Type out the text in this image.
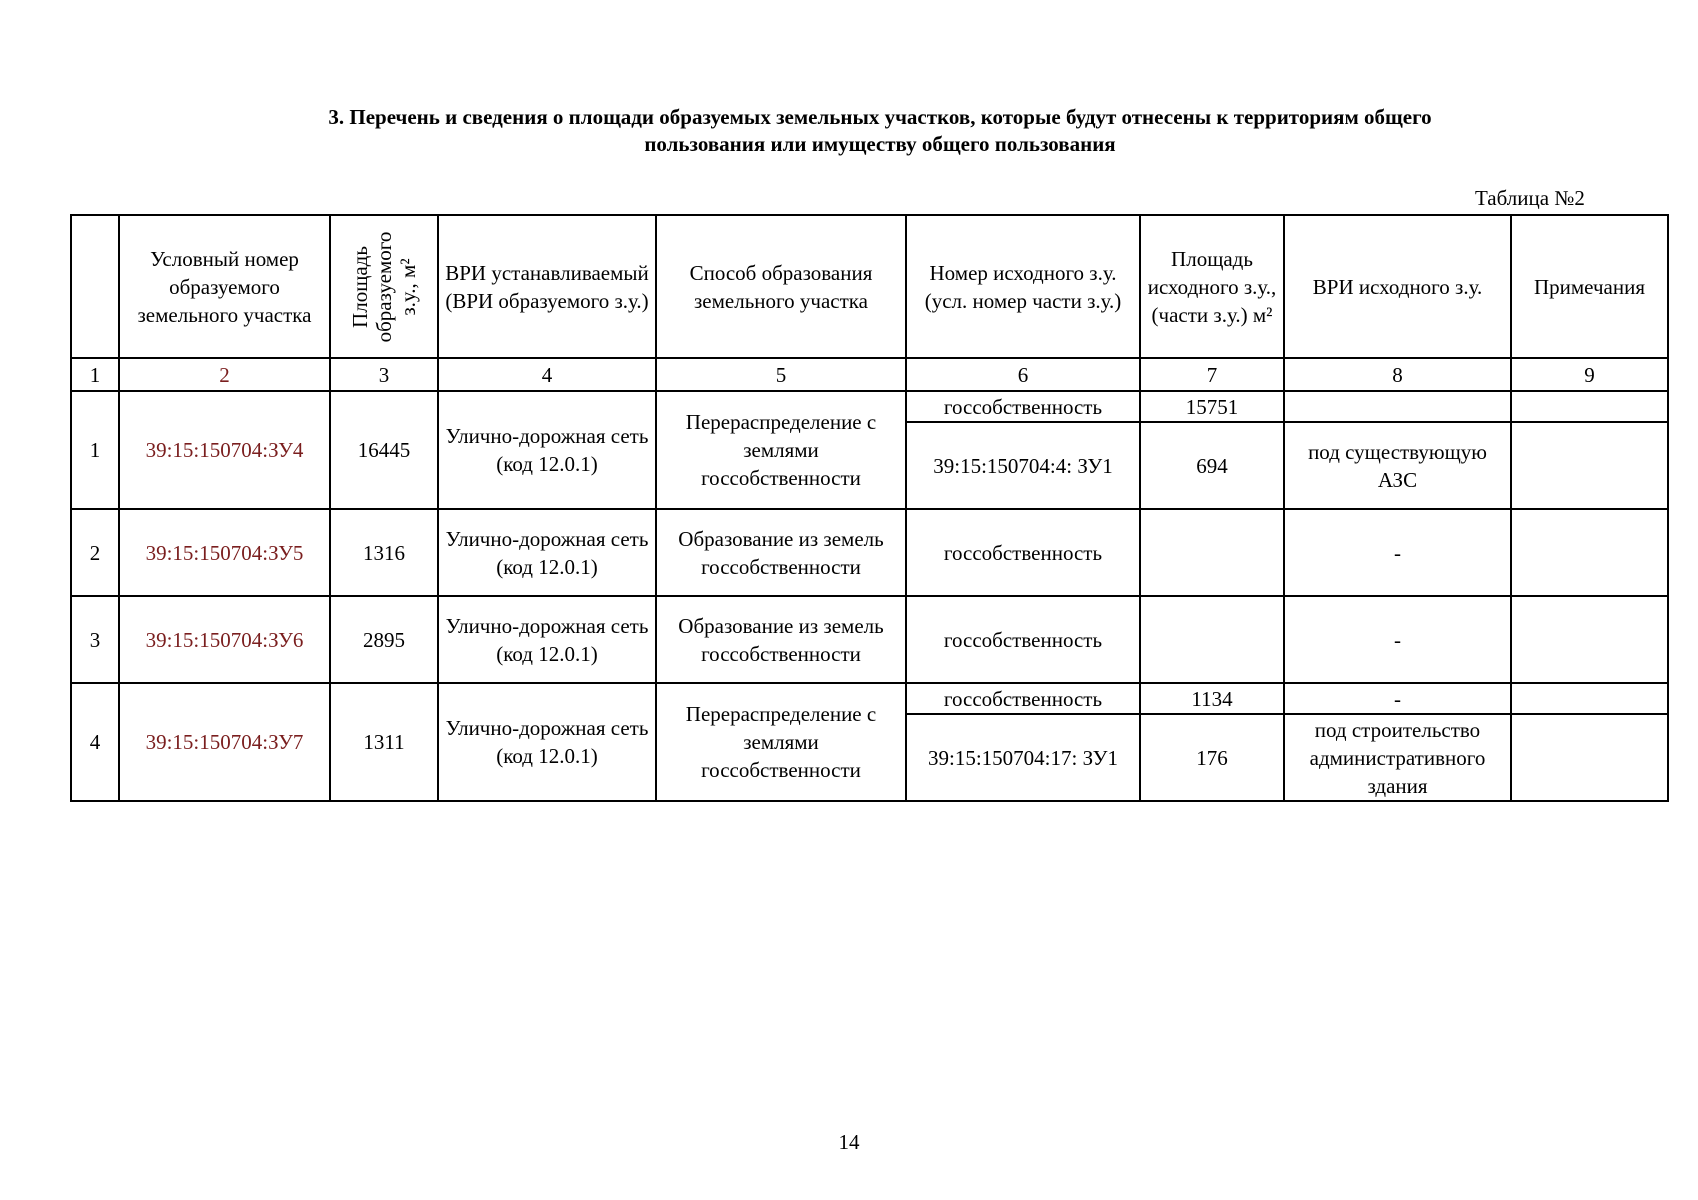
3. Перечень и сведения о площади образуемых земельных участков, которые будут отнесены к территориям общего пользования или имуществу общего пользования
Таблица №2
	Условный номер образуемого земельного участка	Площадь образуемого з.у., м²	ВРИ устанавливаемый (ВРИ образуемого з.у.)	Способ образования земельного участка	Номер исходного з.у. (усл. номер части з.у.)	Площадь исходного з.у., (части з.у.) м²	ВРИ исходного з.у.	Примечания
1	2	3	4	5	6	7	8	9
1	39:15:150704:ЗУ4	16445	Улично-дорожная сеть (код 12.0.1)	Перераспределение с землями госсобственности	госсобственность	15751		
					39:15:150704:4: ЗУ1	694	под существующую АЗС	
2	39:15:150704:ЗУ5	1316	Улично-дорожная сеть (код 12.0.1)	Образование из земель госсобственности	госсобственность		-	
3	39:15:150704:ЗУ6	2895	Улично-дорожная сеть (код 12.0.1)	Образование из земель госсобственности	госсобственность		-	
4	39:15:150704:ЗУ7	1311	Улично-дорожная сеть (код 12.0.1)	Перераспределение с землями госсобственности	госсобственность	1134	-	
					39:15:150704:17: ЗУ1	176	под строительство административного здания	
14
